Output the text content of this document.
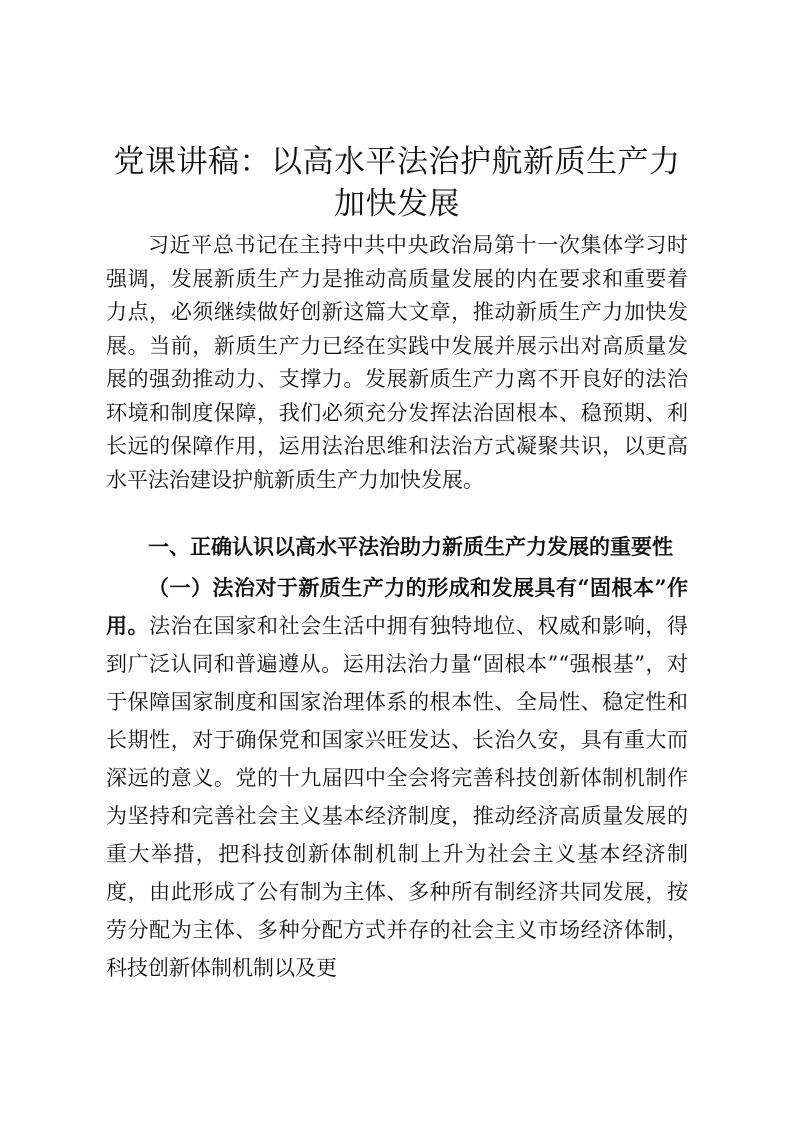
党课讲稿：以高水平法治护航新质生产力加快发展

习近平总书记在主持中共中央政治局第十一次集体学习时强调，发展新质生产力是推动高质量发展的内在要求和重要着力点，必须继续做好创新这篇大文章，推动新质生产力加快发展。当前，新质生产力已经在实践中发展并展示出对高质量发展的强劲推动力、支撑力。发展新质生产力离不开良好的法治环境和制度保障，我们必须充分发挥法治固根本、稳预期、利长远的保障作用，运用法治思维和法治方式凝聚共识，以更高水平法治建设护航新质生产力加快发展。

一、正确认识以高水平法治助力新质生产力发展的重要性

（一）法治对于新质生产力的形成和发展具有“固根本”作用。法治在国家和社会生活中拥有独特地位、权威和影响，得到广泛认同和普遍遵从。运用法治力量“固根本”“强根基”，对于保障国家制度和国家治理体系的根本性、全局性、稳定性和长期性，对于确保党和国家兴旺发达、长治久安，具有重大而深远的意义。党的十九届四中全会将完善科技创新体制机制作为坚持和完善社会主义基本经济制度，推动经济高质量发展的重大举措，把科技创新体制机制上升为社会主义基本经济制度，由此形成了公有制为主体、多种所有制经济共同发展，按劳分配为主体、多种分配方式并存的社会主义市场经济体制，科技创新体制机制以及更
